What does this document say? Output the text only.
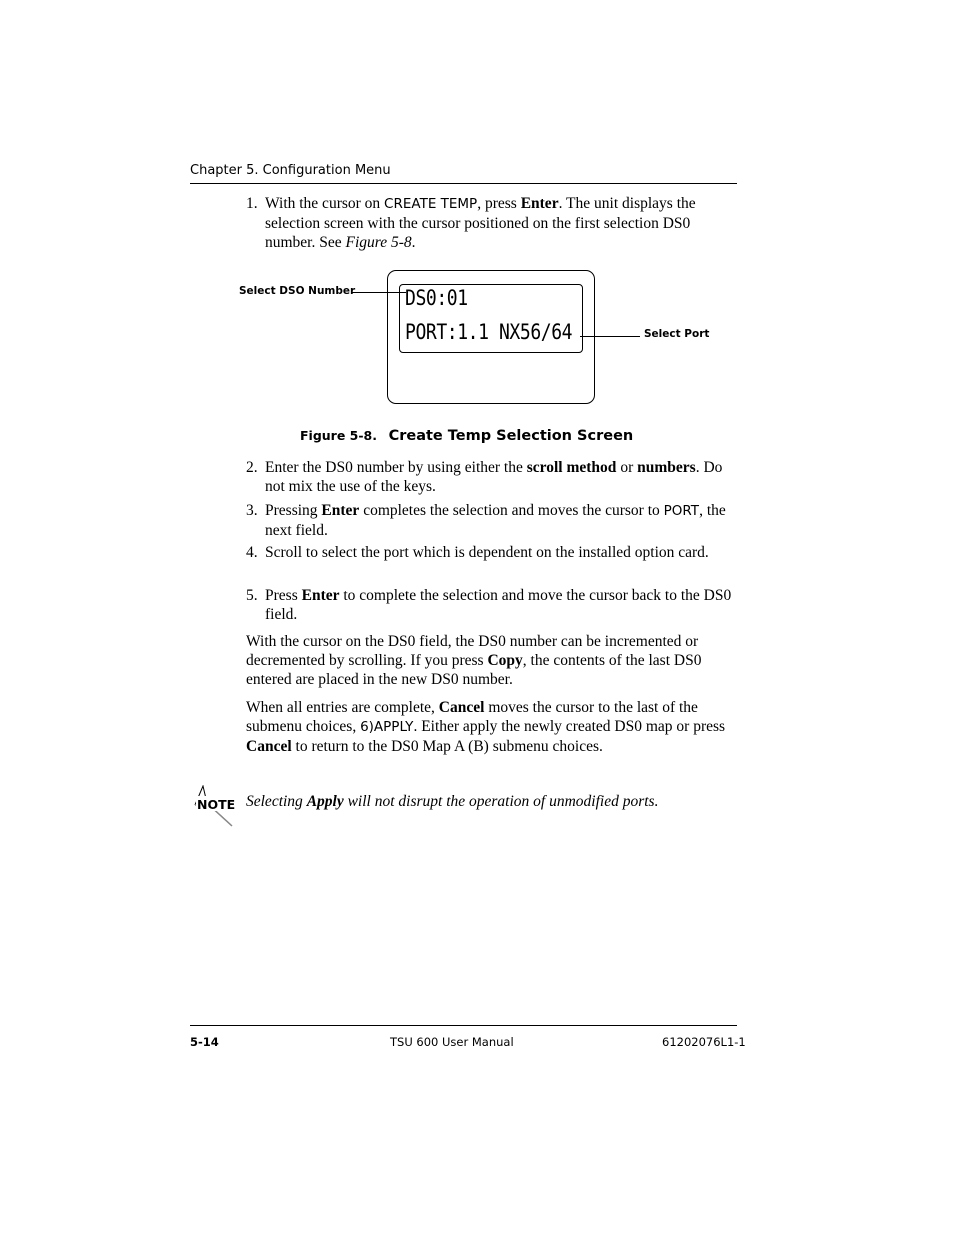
Chapter 5. Configuration Menu
1. With the cursor on CREATE TEMP, press Enter. The unit displays the selection screen with the cursor positioned on the first selection DS0 number. See Figure 5-8.
DS0:01
PORT:1.1 NX56/64
Select DSO Number
Select Port
Figure 5-8. Create Temp Selection Screen
2. Enter the DS0 number by using either the scroll method or numbers. Do not mix the use of the keys.
3. Pressing Enter completes the selection and moves the cursor to PORT, the next field.
4. Scroll to select the port which is dependent on the installed option card.
5. Press Enter to complete the selection and move the cursor back to the DS0 field.
With the cursor on the DS0 field, the DS0 number can be incremented or decremented by scrolling. If you press Copy, the contents of the last DS0 entered are placed in the new DS0 number.
When all entries are complete, Cancel moves the cursor to the last of the submenu choices, 6)APPLY. Either apply the newly created DS0 map or press Cancel to return to the DS0 Map A (B) submenu choices.
NOTE Selecting Apply will not disrupt the operation of unmodified ports.
5-14	TSU 600 User Manual	61202076L1-1
